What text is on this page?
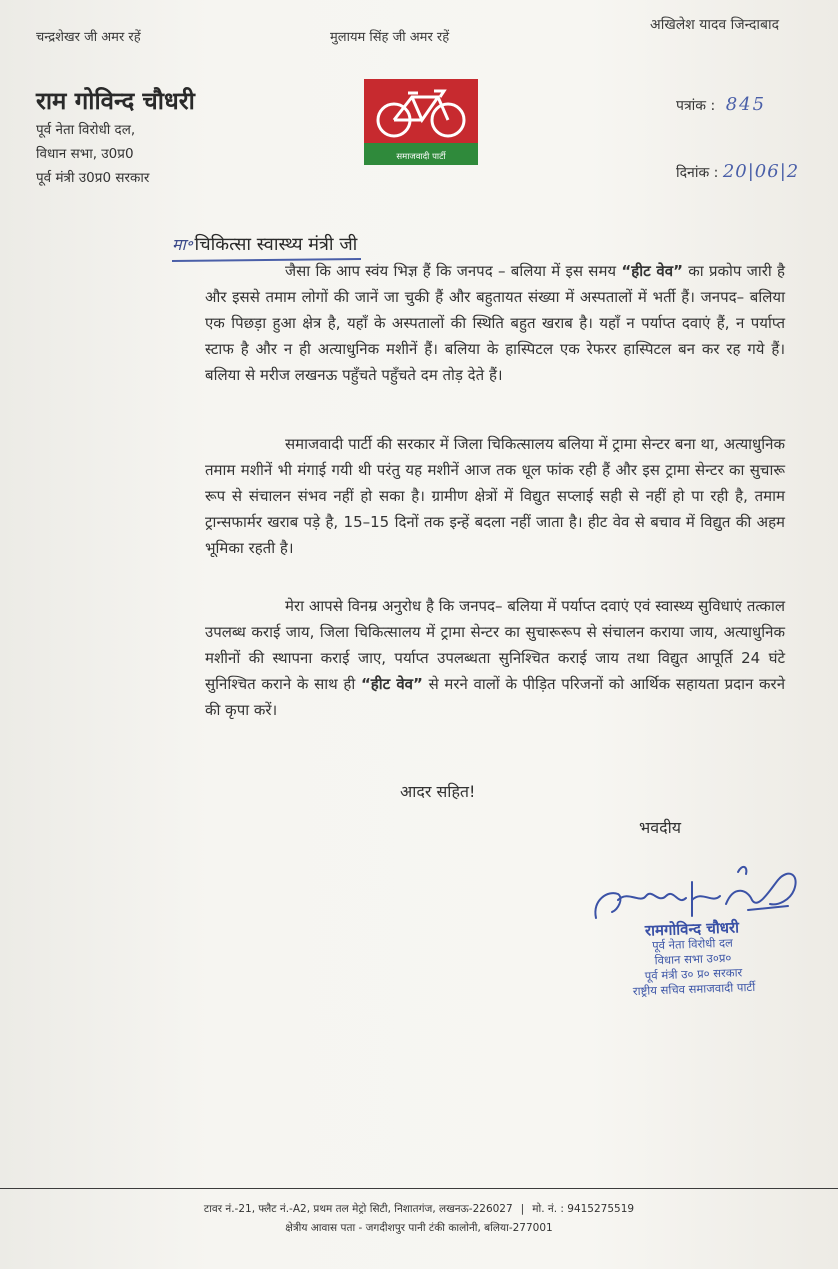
चन्द्रशेखर जी अमर रहें	मुलायम सिंह जी अमर रहें
अखिलेश यादव जिन्दाबाद
राम गोविन्द चौधरी
पूर्व नेता विरोधी दल,
विधान सभा, उ0प्र0
पूर्व मंत्री उ0प्र0 सरकार
समाजवादी पार्टी
पत्रांक : 845
दिनांक : 20|06|2
मा॰ चिकित्सा स्वास्थ्य मंत्री जी
जैसा कि आप स्वंय भिज्ञ हैं कि जनपद – बलिया में इस समय “हीट वेव” का प्रकोप जारी है और इससे तमाम लोगों की जानें जा चुकी हैं और बहुतायत संख्या में अस्पतालों में भर्ती हैं। जनपद– बलिया एक पिछड़ा हुआ क्षेत्र है, यहाँ के अस्पतालों की स्थिति बहुत खराब है। यहाँ न पर्याप्त दवाएं हैं, न पर्याप्त स्टाफ है और न ही अत्याधुनिक मशीनें हैं। बलिया के हास्पिटल एक रेफरर हास्पिटल बन कर रह गये हैं। बलिया से मरीज लखनऊ पहुँचते पहुँचते दम तोड़ देते हैं।
समाजवादी पार्टी की सरकार में जिला चिकित्सालय बलिया में ट्रामा सेन्टर बना था, अत्याधुनिक तमाम मशीनें भी मंगाई गयी थी परंतु यह मशीनें आज तक धूल फांक रही हैं और इस ट्रामा सेन्टर का सुचारू रूप से संचालन संभव नहीं हो सका है। ग्रामीण क्षेत्रों में विद्युत सप्लाई सही से नहीं हो पा रही है, तमाम ट्रान्सफार्मर खराब पड़े है, 15–15 दिनों तक इन्हें बदला नहीं जाता है। हीट वेव से बचाव में विद्युत की अहम भूमिका रहती है।
मेरा आपसे विनम्र अनुरोध है कि जनपद– बलिया में पर्याप्त दवाएं एवं स्वास्थ्य सुविधाएं तत्काल उपलब्ध कराई जाय, जिला चिकित्सालय में ट्रामा सेन्टर का सुचारूरूप से संचालन कराया जाय, अत्याधुनिक मशीनों की स्थापना कराई जाए, पर्याप्त उपलब्धता सुनिश्चित कराई जाय तथा विद्युत आपूर्ति 24 घंटे सुनिश्चित कराने के साथ ही “हीट वेव” से मरने वालों के पीड़ित परिजनों को आर्थिक सहायता प्रदान करने की कृपा करें।
आदर सहित!
भवदीय
रामगोविन्द चौधरी
पूर्व नेता विरोधी दल
विधान सभा उ०प्र०
पूर्व मंत्री उ० प्र० सरकार
राष्ट्रीय सचिव समाजवादी पार्टी
टावर नं.-21, फ्लैट नं.-A2, प्रथम तल मेट्रो सिटी, निशातगंज, लखनऊ-226027 | मो. नं. : 9415275519
क्षेत्रीय आवास पता - जगदीशपुर पानी टंकी कालोनी, बलिया-277001
